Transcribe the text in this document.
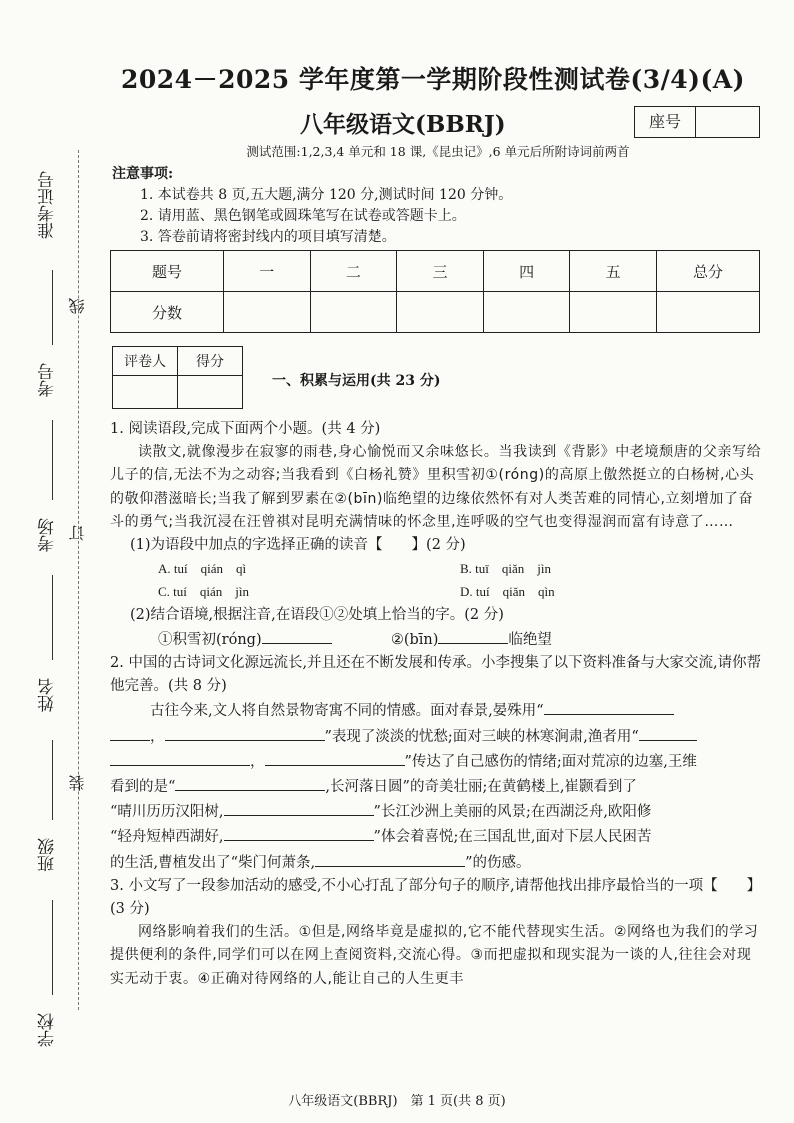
准考证号
考号
考场
姓名
班级
学校
线
订
装
2024－2025 学年度第一学期阶段性测试卷(3/4)(A)
八年级语文(BBRJ)	座号
测试范围:1,2,3,4 单元和 18 课,《昆虫记》,6 单元后所附诗词前两首
注意事项:
1. 本试卷共 8 页,五大题,满分 120 分,测试时间 120 分钟。
2. 请用蓝、黑色钢笔或圆珠笔写在试卷或答题卡上。
3. 答卷前请将密封线内的项目填写清楚。
题号	一	二	三	四	五	总分
分数						
评卷人	得分

一、积累与运用(共 23 分)

1. 阅读语段,完成下面两个小题。(共 4 分)

读散文,就像漫步在寂寥的雨巷,身心愉悦而又余味悠长。当我读到《背影》中老境颓唐的父亲写给儿子的信,无法不为之动容;当我看到《白杨礼赞》里积雪初①(róng)的高原上傲然挺立的白杨树,心头的敬仰潜滋暗长;当我了解到罗素在②(bīn)临绝望的边缘依然怀有对人类苦难的同情心,立刻增加了奋斗的勇气;当我沉浸在汪曾祺对昆明充满情味的怀念里,连呼吸的空气也变得湿润而富有诗意了……

(1)为语段中加点的字选择正确的读音【　　】(2 分)

A. tuí　qián　qì	B. tuī　qiǎn　jìn
C. tuí　qián　jìn	D. tuí　qiǎn　qìn

(2)结合语境,根据注音,在语段①②处填上恰当的字。(2 分)

①积雪初(róng)	②(bīn)	临绝望

2. 中国的古诗词文化源远流长,并且还在不断发展和传承。小李搜集了以下资料准备与大家交流,请你帮他完善。(共 8 分)

古往今来,文人将自然景物寄寓不同的情感。面对春景,晏殊用“

，	”表现了淡淡的忧愁;面对三峡的林寒涧肃,渔者用“

，	”传达了自己感伤的情绪;面对荒凉的边塞,王维

看到的是“	,长河落日圆”的奇美壮丽;在黄鹤楼上,崔颢看到了

“晴川历历汉阳树,	”长江沙洲上美丽的风景;在西湖泛舟,欧阳修

“轻舟短棹西湖好,	”体会着喜悦;在三国乱世,面对下层人民困苦

的生活,曹植发出了“柴门何萧条,	”的伤感。

3. 小文写了一段参加活动的感受,不小心打乱了部分句子的顺序,请帮他找出排序最恰当的一项【　　】(3 分)

网络影响着我们的生活。①但是,网络毕竟是虚拟的,它不能代替现实生活。②网络也为我们的学习提供便利的条件,同学们可以在网上查阅资料,交流心得。③而把虚拟和现实混为一谈的人,往往会对现实无动于衷。④正确对待网络的人,能让自己的人生更丰

八年级语文(BBRJ)　第 1 页(共 8 页)
